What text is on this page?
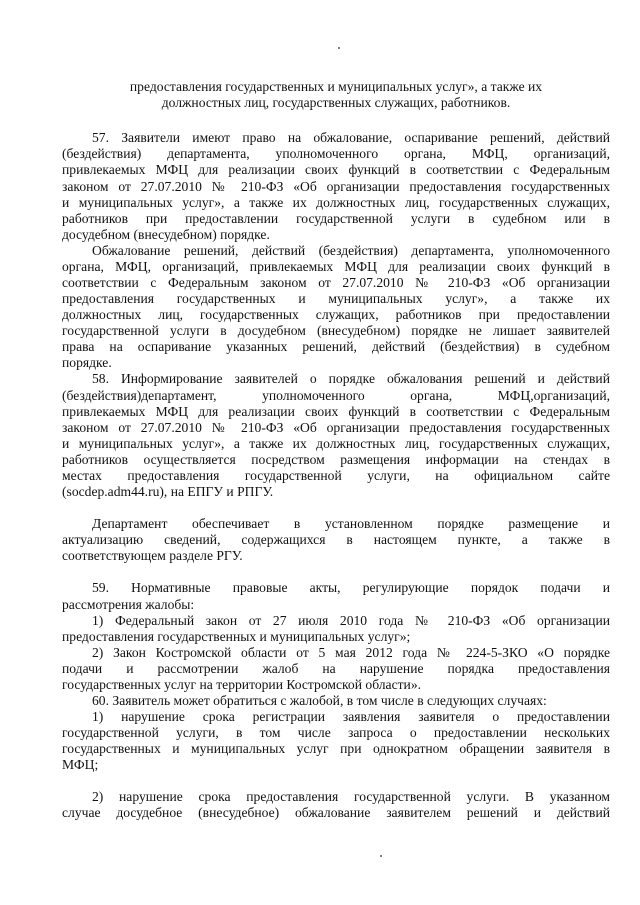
предоставления государственных и муниципальных услуг», а также их
должностных лиц, государственных служащих, работников.
57. Заявители имеют право на обжалование, оспаривание решений, действий
(бездействия) департамента, уполномоченного органа, МФЦ, организаций,
привлекаемых МФЦ для реализации своих функций в соответствии с Федеральным
законом от 27.07.2010 № 210-ФЗ «Об организации предоставления государственных
и муниципальных услуг», а также их должностных лиц, государственных служащих,
работников при предоставлении государственной услуги в судебном или в
досудебном (внесудебном) порядке.
Обжалование решений, действий (бездействия) департамента, уполномоченного
органа, МФЦ, организаций, привлекаемых МФЦ для реализации своих функций в
соответствии с Федеральным законом от 27.07.2010 № 210-ФЗ «Об организации
предоставления государственных и муниципальных услуг», а также их
должностных лиц, государственных служащих, работников при предоставлении
государственной услуги в досудебном (внесудебном) порядке не лишает заявителей
права на оспаривание указанных решений, действий (бездействия) в судебном
порядке.
58. Информирование заявителей о порядке обжалования решений и действий
(бездействия)департамент, уполномоченного органа, МФЦ,организаций,
привлекаемых МФЦ для реализации своих функций в соответствии с Федеральным
законом от 27.07.2010 № 210-ФЗ «Об организации предоставления государственных
и муниципальных услуг», а также их должностных лиц, государственных служащих,
работников осуществляется посредством размещения информации на стендах в
местах предоставления государственной услуги, на официальном сайте
(socdep.adm44.ru), на ЕПГУ и РПГУ.
Департамент обеспечивает в установленном порядке размещение и
актуализацию сведений, содержащихся в настоящем пункте, а также в
соответствующем разделе РГУ.
59. Нормативные правовые акты, регулирующие порядок подачи и
рассмотрения жалобы:
1) Федеральный закон от 27 июля 2010 года № 210-ФЗ «Об организации
предоставления государственных и муниципальных услуг»;
2) Закон Костромской области от 5 мая 2012 года № 224-5-ЗКО «О порядке
подачи и рассмотрении жалоб на нарушение порядка предоставления
государственных услуг на территории Костромской области».
60. Заявитель может обратиться с жалобой, в том числе в следующих случаях:
1) нарушение срока регистрации заявления заявителя о предоставлении
государственной услуги, в том числе запроса о предоставлении нескольких
государственных и муниципальных услуг при однократном обращении заявителя в
МФЦ;
2) нарушение срока предоставления государственной услуги. В указанном
случае досудебное (внесудебное) обжалование заявителем решений и действий
